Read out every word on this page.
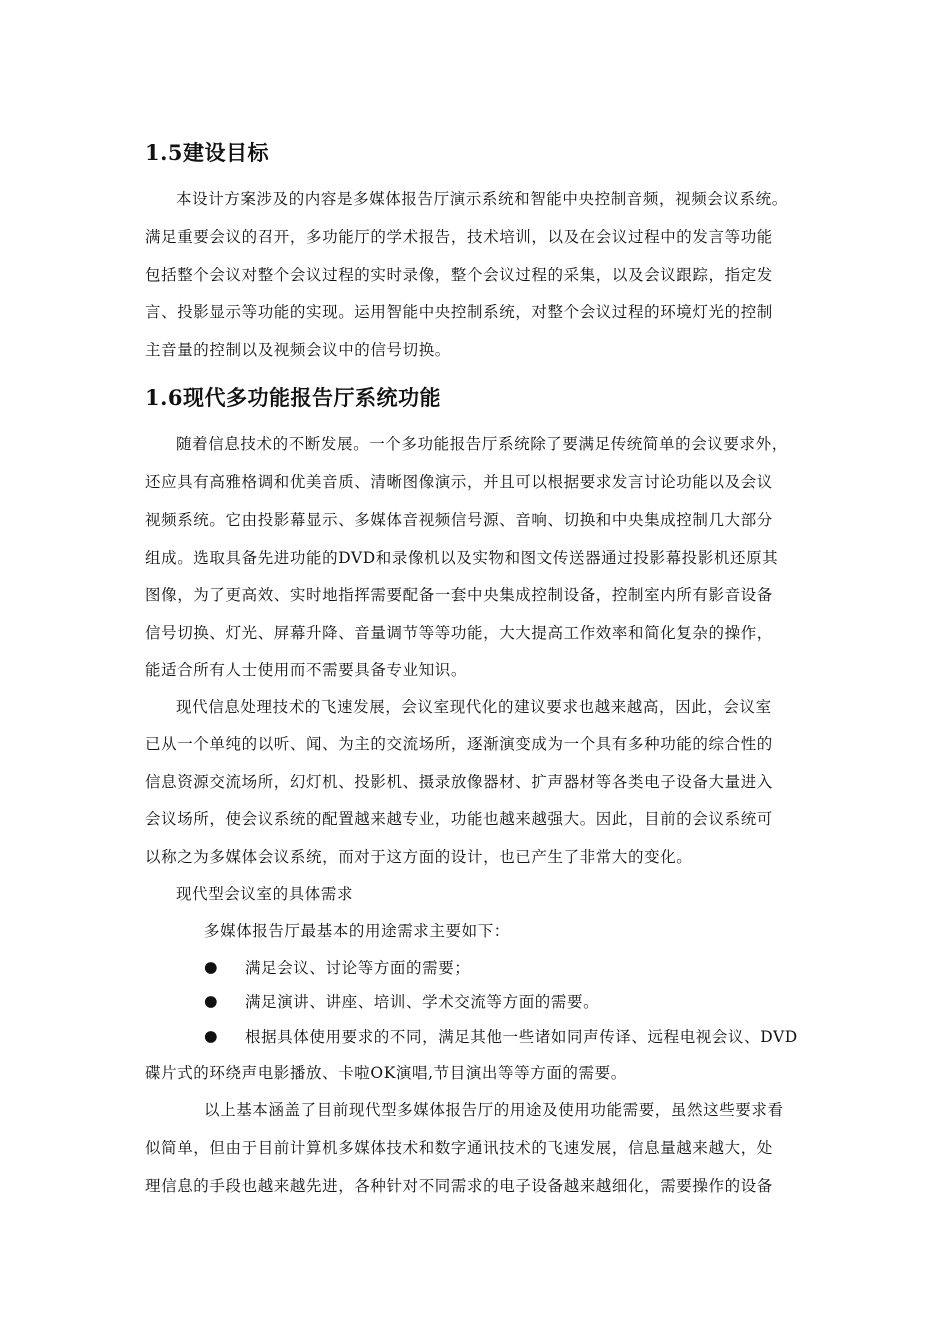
1.5建设目标
本设计方案涉及的内容是多媒体报告厅演示系统和智能中央控制音频，视频会议系统。
满足重要会议的召开，多功能厅的学术报告，技术培训，以及在会议过程中的发言等功能
包括整个会议对整个会议过程的实时录像，整个会议过程的采集，以及会议跟踪，指定发
言、投影显示等功能的实现。运用智能中央控制系统，对整个会议过程的环境灯光的控制
主音量的控制以及视频会议中的信号切换。
1.6现代多功能报告厅系统功能
随着信息技术的不断发展。一个多功能报告厅系统除了要满足传统简单的会议要求外，
还应具有高雅格调和优美音质、清晰图像演示，并且可以根据要求发言讨论功能以及会议
视频系统。它由投影幕显示、多媒体音视频信号源、音响、切换和中央集成控制几大部分
组成。选取具备先进功能的DVD和录像机以及实物和图文传送器通过投影幕投影机还原其
图像，为了更高效、实时地指挥需要配备一套中央集成控制设备，控制室内所有影音设备
信号切换、灯光、屏幕升降、音量调节等等功能，大大提高工作效率和简化复杂的操作，
能适合所有人士使用而不需要具备专业知识。
现代信息处理技术的飞速发展，会议室现代化的建议要求也越来越高，因此，会议室
已从一个单纯的以听、闻、为主的交流场所，逐渐演变成为一个具有多种功能的综合性的
信息资源交流场所，幻灯机、投影机、摄录放像器材、扩声器材等各类电子设备大量进入
会议场所，使会议系统的配置越来越专业，功能也越来越强大。因此，目前的会议系统可
以称之为多媒体会议系统，而对于这方面的设计，也已产生了非常大的变化。
现代型会议室的具体需求
多媒体报告厅最基本的用途需求主要如下：
● 满足会议、讨论等方面的需要；
● 满足演讲、讲座、培训、学术交流等方面的需要。
● 根据具体使用要求的不同，满足其他一些诸如同声传译、远程电视会议、DVD
碟片式的环绕声电影播放、卡啦OK演唱,节目演出等等方面的需要。
以上基本涵盖了目前现代型多媒体报告厅的用途及使用功能需要，虽然这些要求看
似简单，但由于目前计算机多媒体技术和数字通讯技术的飞速发展，信息量越来越大，处
理信息的手段也越来越先进，各种针对不同需求的电子设备越来越细化，需要操作的设备
